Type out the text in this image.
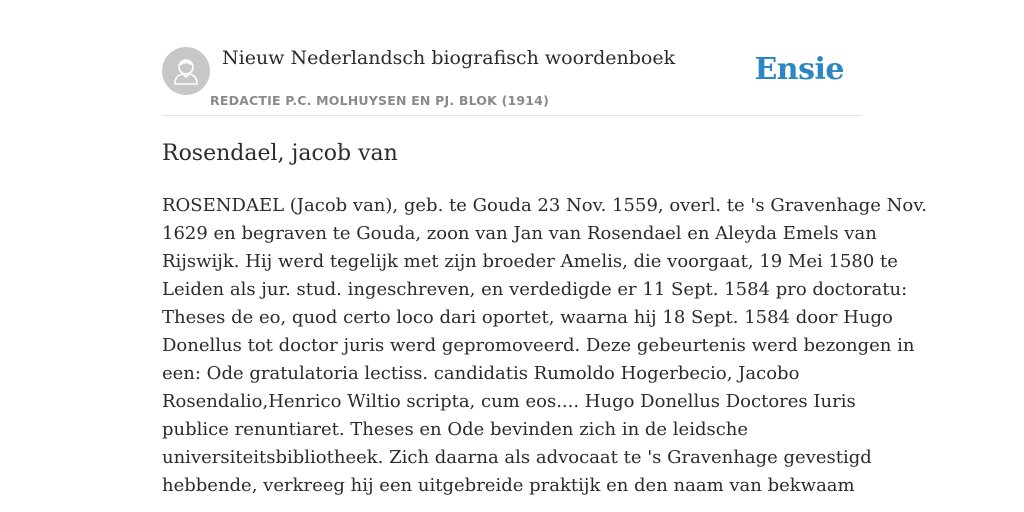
Nieuw Nederlandsch biografisch woordenboek
REDACTIE P.C. MOLHUYSEN EN PJ. BLOK (1914)
Ensie
Rosendael, jacob van
ROSENDAEL (Jacob van), geb. te Gouda 23 Nov. 1559, overl. te 's Gravenhage Nov.
1629 en begraven te Gouda, zoon van Jan van Rosendael en Aleyda Emels van
Rijswijk. Hij werd tegelijk met zijn broeder Amelis, die voorgaat, 19 Mei 1580 te
Leiden als jur. stud. ingeschreven, en verdedigde er 11 Sept. 1584 pro doctoratu:
Theses de eo, quod certo loco dari oportet, waarna hij 18 Sept. 1584 door Hugo
Donellus tot doctor juris werd gepromoveerd. Deze gebeurtenis werd bezongen in
een: Ode gratulatoria lectiss. candidatis Rumoldo Hogerbecio, Jacobo
Rosendalio,Henrico Wiltio scripta, cum eos.... Hugo Donellus Doctores Iuris
publice renuntiaret. Theses en Ode bevinden zich in de leidsche
universiteitsbibliotheek. Zich daarna als advocaat te 's Gravenhage gevestigd
hebbende, verkreeg hij een uitgebreide praktijk en den naam van bekwaam
